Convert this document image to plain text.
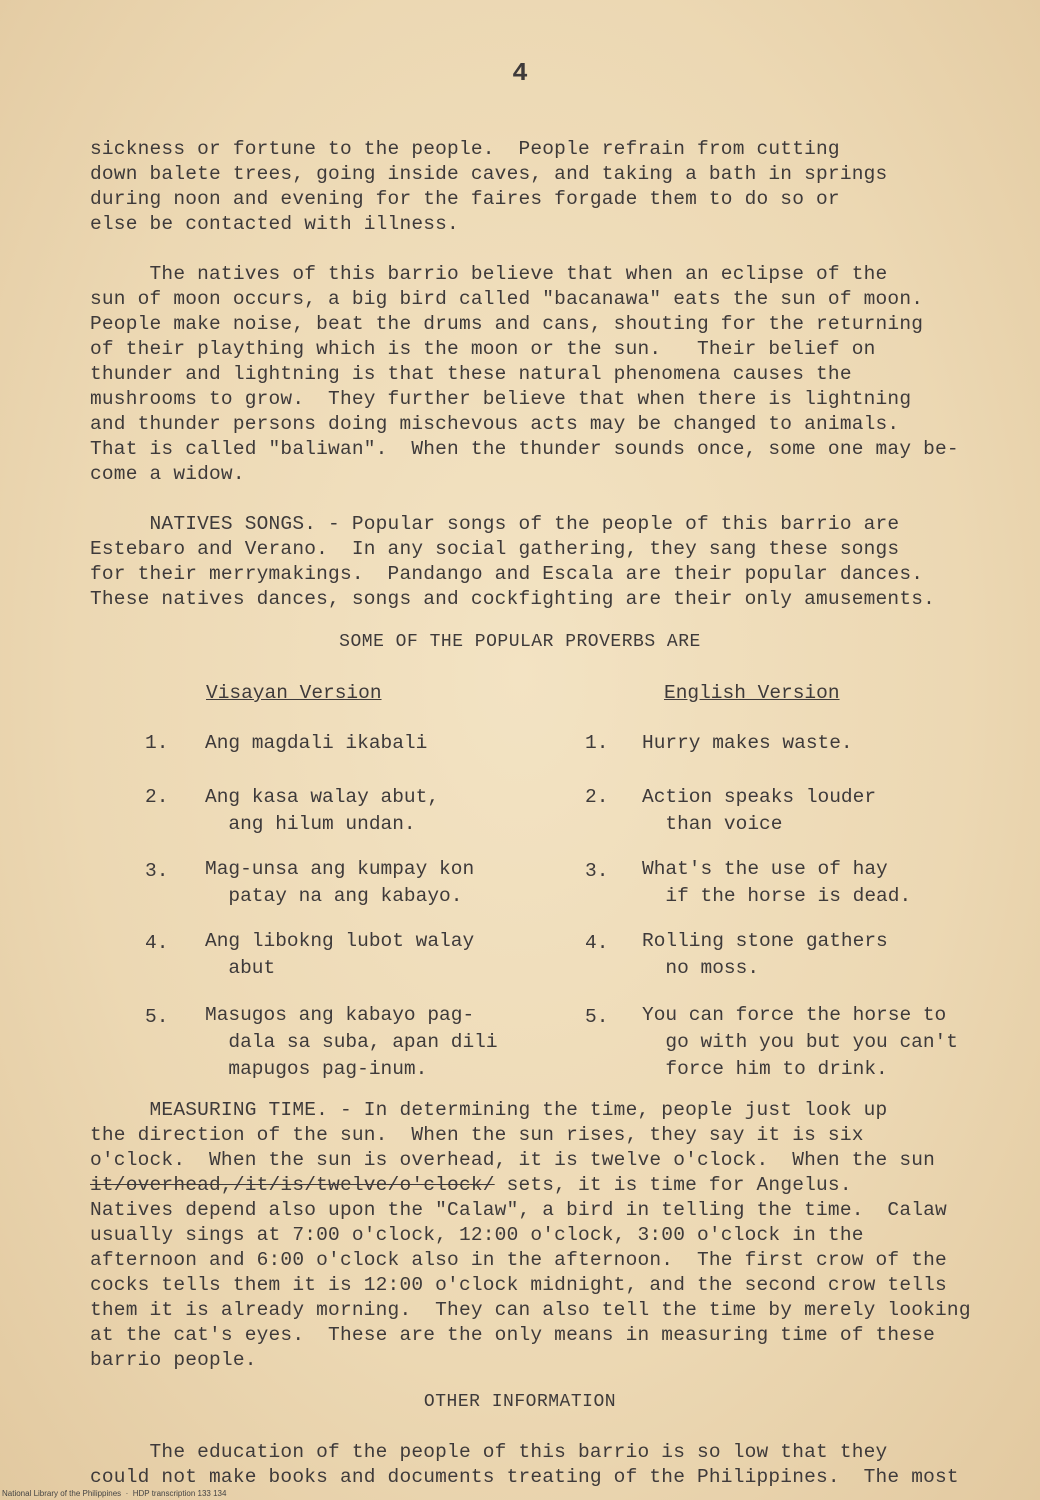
4
sickness or fortune to the people.  People refrain from cutting
down balete trees, going inside caves, and taking a bath in springs
during noon and evening for the faires forgade them to do so or
else be contacted with illness.
The natives of this barrio believe that when an eclipse of the
sun of moon occurs, a big bird called "bacanawa" eats the sun of moon.
People make noise, beat the drums and cans, shouting for the returning
of their plaything which is the moon or the sun.   Their belief on
thunder and lightning is that these natural phenomena causes the
mushrooms to grow.  They further believe that when there is lightning
and thunder persons doing mischevous acts may be changed to animals.
That is called "baliwan".  When the thunder sounds once, some one may be-
come a widow.
NATIVES SONGS. - Popular songs of the people of this barrio are
Estebaro and Verano.  In any social gathering, they sang these songs
for their merrymakings.  Pandango and Escala are their popular dances.
These natives dances, songs and cockfighting are their only amusements.
SOME OF THE POPULAR PROVERBS ARE
Visayan Version	English Version
1. Ang magdali ikabali	1. Hurry makes waste.
2. Ang kasa walay abut,
ang hilum undan.
2. Action speaks louder
than voice
3. Mag-unsa ang kumpay kon
patay na ang kabayo.
3. What's the use of hay
if the horse is dead.
4. Ang libokng lubot walay
abut
4. Rolling stone gathers
no moss.
5. Masugos ang kabayo pag-
dala sa suba, apan dili
mapugos pag-inum.
5. You can force the horse to
go with you but you can't
force him to drink.
MEASURING TIME. - In determining the time, people just look up
the direction of the sun.  When the sun rises, they say it is six
o'clock.  When the sun is overhead, it is twelve o'clock.  When the sun
it/overhead,/it/is/twelve/o'clock/ sets, it is time for Angelus.
Natives depend also upon the "Calaw", a bird in telling the time.  Calaw
usually sings at 7:00 o'clock, 12:00 o'clock, 3:00 o'clock in the
afternoon and 6:00 o'clock also in the afternoon.  The first crow of the
cocks tells them it is 12:00 o'clock midnight, and the second crow tells
them it is already morning.  They can also tell the time by merely looking
at the cat's eyes.  These are the only means in measuring time of these
barrio people.
OTHER INFORMATION
The education of the people of this barrio is so low that they
could not make books and documents treating of the Philippines.  The most
National Library of the Philippines  ·  HDP transcription 133 134
